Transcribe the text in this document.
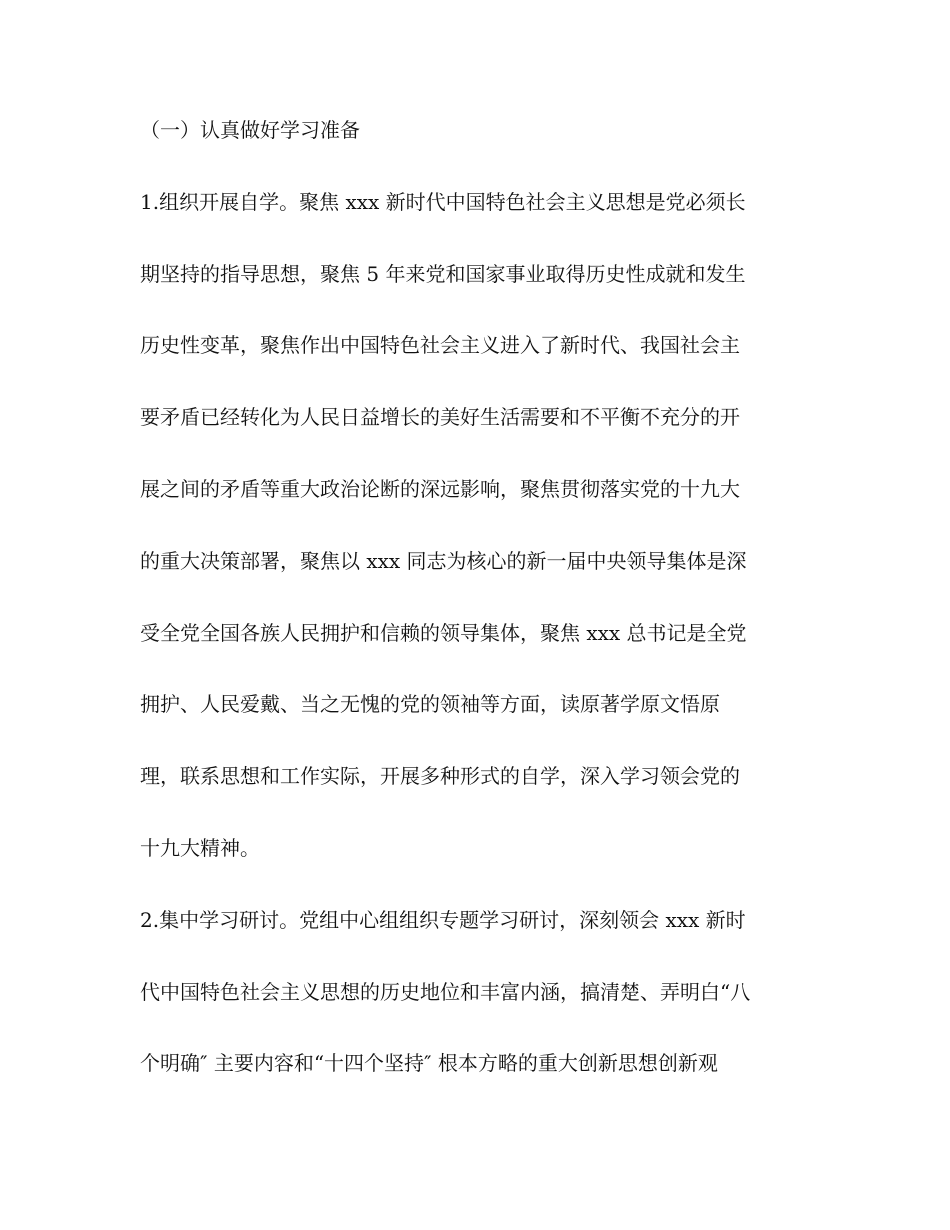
（一）认真做好学习准备
1.组织开展自学。聚焦 xxx 新时代中国特色社会主义思想是党必须长
期坚持的指导思想，聚焦 5 年来党和国家事业取得历史性成就和发生
历史性变革，聚焦作出中国特色社会主义进入了新时代、我国社会主
要矛盾已经转化为人民日益增长的美好生活需要和不平衡不充分的开
展之间的矛盾等重大政治论断的深远影响，聚焦贯彻落实党的十九大
的重大决策部署，聚焦以 xxx 同志为核心的新一届中央领导集体是深
受全党全国各族人民拥护和信赖的领导集体，聚焦 xxx 总书记是全党
拥护、人民爱戴、当之无愧的党的领袖等方面，读原著学原文悟原
理，联系思想和工作实际，开展多种形式的自学，深入学习领会党的
十九大精神。
2.集中学习研讨。党组中心组组织专题学习研讨，深刻领会 xxx 新时
代中国特色社会主义思想的历史地位和丰富内涵，搞清楚、弄明白“八
个明确″ 主要内容和“十四个坚持″ 根本方略的重大创新思想创新观
